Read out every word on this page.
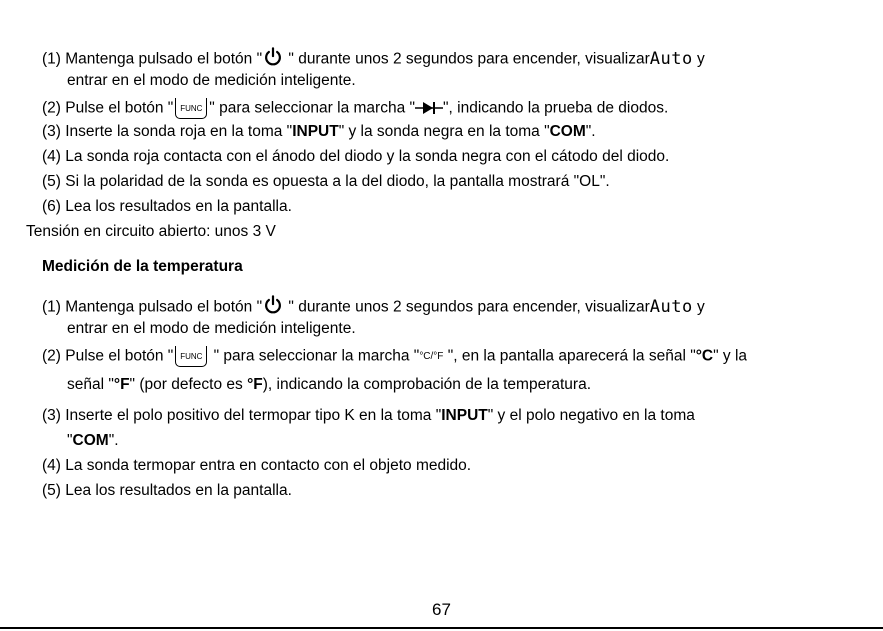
(1) Mantenga pulsado el botón " " durante unos 2 segundos para encender, visualizarAuto y
entrar en el modo de medición inteligente.
(2) Pulse el botón " FUNC " para seleccionar la marcha " ", indicando la prueba de diodos.
(3) Inserte la sonda roja en la toma "INPUT" y la sonda negra en la toma "COM".
(4) La sonda roja contacta con el ánodo del diodo y la sonda negra con el cátodo del diodo.
(5) Si la polaridad de la sonda es opuesta a la del diodo, la pantalla mostrará "OL".
(6) Lea los resultados en la pantalla.
Tensión en circuito abierto: unos 3 V
Medición de la temperatura
(1) Mantenga pulsado el botón " " durante unos 2 segundos para encender, visualizarAuto y
entrar en el modo de medición inteligente.
(2) Pulse el botón " FUNC " para seleccionar la marcha "°C/°F ", en la pantalla aparecerá la señal "°C" y la
señal "°F" (por defecto es °F), indicando la comprobación de la temperatura.
(3) Inserte el polo positivo del termopar tipo K en la toma "INPUT" y el polo negativo en la toma
"COM".
(4) La sonda termopar entra en contacto con el objeto medido.
(5) Lea los resultados en la pantalla.
67
